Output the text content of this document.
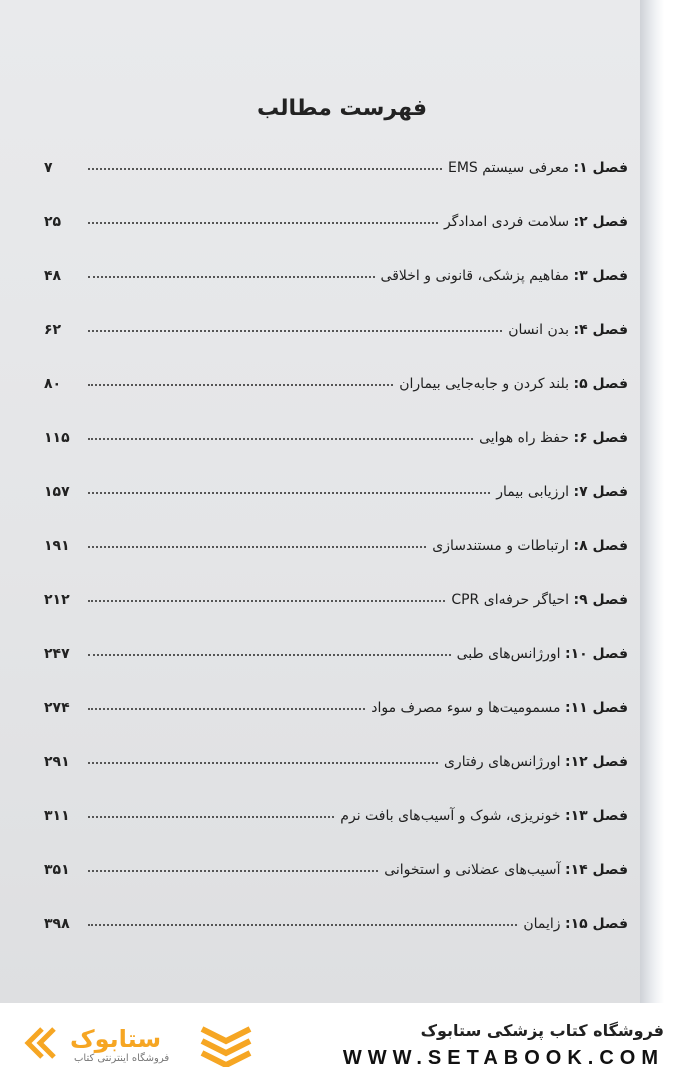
فهرست مطالب
فصل ۱: معرفی سیستم EMS
۷
فصل ۲: سلامت فردی امدادگر
۲۵
فصل ۳: مفاهیم پزشکی، قانونی و اخلاقی
۴۸
فصل ۴: بدن انسان
۶۲
فصل ۵: بلند کردن و جابه‌جایی بیماران
۸۰
فصل ۶: حفظ راه هوایی
۱۱۵
فصل ۷: ارزیابی بیمار
۱۵۷
فصل ۸: ارتباطات و مستندسازی
۱۹۱
فصل ۹: احیاگر حرفه‌ای CPR
۲۱۲
فصل ۱۰: اورژانس‌های طبی
۲۴۷
فصل ۱۱: مسمومیت‌ها و سوء مصرف مواد
۲۷۴
فصل ۱۲: اورژانس‌های رفتاری
۲۹۱
فصل ۱۳: خونریزی، شوک و آسیب‌های بافت نرم
۳۱۱
فصل ۱۴: آسیب‌های عضلانی و استخوانی
۳۵۱
فصل ۱۵: زایمان
۳۹۸
ستابوک
فروشگاه اینترنتی کتاب
فروشگاه کتاب پزشکی ستابوک
WWW.SETABOOK.COM
